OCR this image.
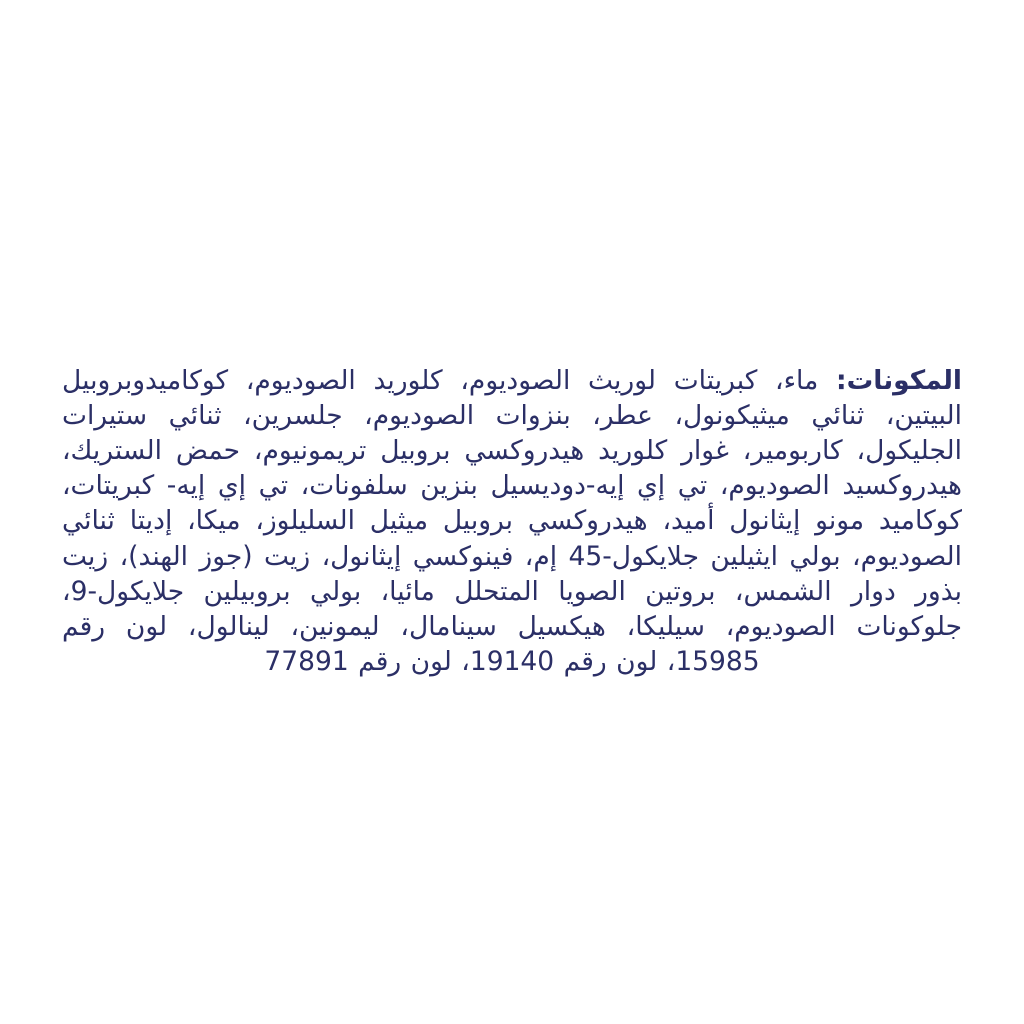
المكونات: ماء، كبريتات لوريث الصوديوم، كلوريد الصوديوم، كوكاميدوبروبيل البيتين، ثنائي ميثيكونول، عطر، بنزوات الصوديوم، جلسرين، ثنائي ستيرات الجليكول، كاربومير، غوار كلوريد هيدروكسي بروبيل تريمونيوم، حمض الستريك، هيدروكسيد الصوديوم، تي إي إيه-دوديسيل بنزين سلفونات، تي إي إيه- كبريتات، كوكاميد مونو إيثانول أميد، هيدروكسي بروبيل ميثيل السليلوز، ميكا، إديتا ثنائي الصوديوم، بولي ايثيلين جلايكول-45 إم، فينوكسي إيثانول، زيت (جوز الهند)، زيت بذور دوار الشمس، بروتين الصويا المتحلل مائيا، بولي بروبيلين جلايكول-9، جلوكونات الصوديوم، سيليكا، هيكسيل سينامال، ليمونين، لينالول، لون رقم 15985، لون رقم 19140، لون رقم 77891
